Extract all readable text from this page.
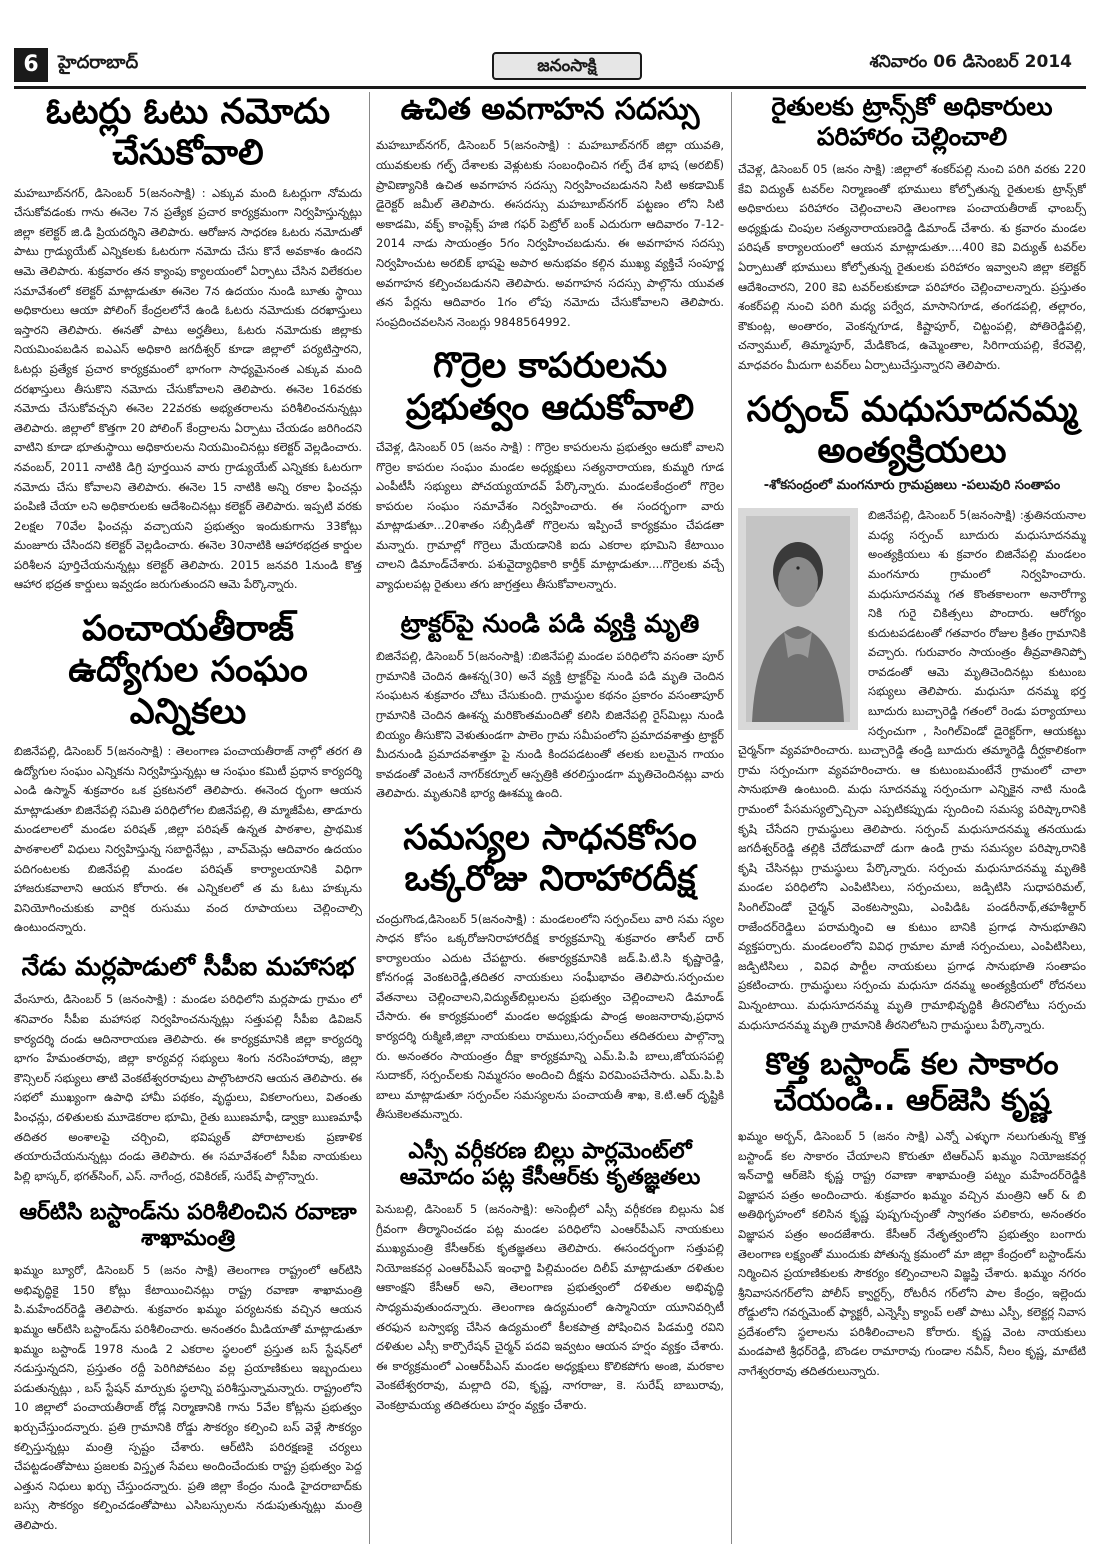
6	హైదరాబాద్	జనంసాక్షి	శనివారం 06 డిసెంబర్ 2014
ఓటర్లు ఓటు నమోదు చేసుకోవాలి
మహబూబ్‌నగర్, డిసెంబర్ 5(జనంసాక్షి) : ఎక్కువ మంది ఓటర్లుగా నోమదు చేసుకోవడంకు గాను ఈనెల 7న ప్రత్యేక ప్రచార కార్యక్రమంగా నిర్వహిస్తున్నట్లు జిల్లా కలెక్టర్ జి.డి ప్రియదర్శిని తెలిపారు. ఆరోజున సాధరణ ఓటరు నమోదుతో పాటు గ్రాడ్యుయేట్ ఎన్నికలకు ఓటరుగా నమోదు చేసు కొనే అవకాశం ఉందని ఆమె తెలిపారు. శుక్రవారం తన క్యాంపు క్యాలయంలో ఏర్పాటు చేసిన విలేకరుల సమావేశంలో కలెక్టర్ మాట్లాడుతూ ఈనెల 7న ఉదయం నుండి బూతు స్థాయి అధికారులు ఆయా పోలింగ్ కేంద్రలలోనే ఉండి ఓటరు నమోదుకు దరఖాస్తులు ఇస్తారని తెలిపారు. ఈనతో పాటు అర్హతీలు, ఓటరు నమోదుకు జిల్లాకు నియమింపబడిన ఐఎఎస్ అధికారి జగదీశ్వర్ కూడా జిల్లాలో పర్యటిస్తారని, ఓటర్లు ప్రత్యేక ప్రచార కార్యక్రమంలో భాగంగా సాధ్యమైనంత ఎక్కువ మంది దరఖాస్తులు తీసుకొని నమోదు చేసుకోవాలని తెలిపారు. ఈనెల 16వరకు నమోదు చేసుకోవచ్చని ఈనెల 22వరకు అభ్యతరాలను పరిశీలించనున్నట్లు తెలిపారు. జిల్లాలో కొత్తగా 20 పోలింగ్ కేంద్రాలను ఏర్పాటు చేయడం జరిగిందని వాటిని కూడా భూతుస్థాయి అధికారులను నియమించినట్లు కలెక్టర్ వెల్లడించారు. నవంబర్, 2011 నాటికి డిగ్రి పూర్తయిన వారు గ్రాడ్యుయేట్ ఎన్నికకు ఓటరుగా నమోదు చేసు కోవాలని తెలిపారు. ఈనెల 15 నాటికి అన్ని రకాల ఫించన్లు పంపిణి చేయా లని అధికారులకు ఆదేశించినట్లు కలెక్టర్ తెలిపారు. ఇప్పటి వరకు 2లక్షల 70వేల ఫించన్లు వచ్చాయని ప్రభుత్వం ఇందుకుగాను 33కోట్లు మంజూరు చేసిందని కలెక్టర్ వెల్లడించారు. ఈనెల 30నాటికి ఆహారభద్రత కార్డుల పరిశీలన పూర్తిచేయనున్నట్లు కలెక్టర్ తెలిపారు. 2015 జనవరి 1నుండి కొత్త ఆహార భద్రత కార్డులు ఇవ్వడం జరుగుతుందని ఆమె పేర్కొన్నారు.
పంచాయతీరాజ్ ఉద్యోగుల సంఘం ఎన్నికలు
బిజినేపల్లి, డిసెంబర్ 5(జనంసాక్షి) : తెలంగాణ పంచాయతీరాజ్ నాల్గో తరగ తి ఉద్యోగుల సంఘం ఎన్నికను నిర్వహిస్తున్నట్లు ఆ సంఘం కమిటీ ప్రధాన కార్యదర్శి ఎండి ఉస్మాన్ శుక్రవారం ఒక ప్రకటనలో తెలిపారు. ఈనెంద ర్భంగా ఆయన మాట్లాడుతూ బిజినేపల్లి సమితి పరిధిలోగల బిజినేపల్లి, తి మ్మాజీపేట, తాడూరు మండలాలలో మండల పరిషత్ ,జిల్లా పరిషత్ ఉన్నత పాఠశాల, ప్రాథమిక పాఠశాలలో విధులు నిర్వహిస్తున్న సబార్టినేట్లు , వాచ్‌మెన్లు ఆదివారం ఉదయం పదిగంటలకు బిజినేపల్లి మండల పరిషత్ కార్యాలయానికి విధిగా హాజరుకవాలాని ఆయన కోరారు. ఈ ఎన్నికలలో త మ ఓటు హక్కును వినియోగించుకుకు వార్షిక రుసుము వంద రూపాయలు చెల్లించాల్సి ఉంటుందన్నారు.
నేడు మర్లపాడులో సీపీఐ మహాసభ
వేంసూరు, డిసెంబర్ 5 (జనంసాక్షి) : మండల పరిధిలోని మర్లపాడు గ్రామం లో శనివారం సీపీఐ మహాసభ నిర్వహించనున్నట్లు సత్తుపల్లి సీపీఐ డివిజన్ కార్యదర్శి దండు ఆదినారాయణ తెలిపారు. ఈ కార్యక్రమానికి జిల్లా కార్యదర్శి భాగం హేమంతరావు, జిల్లా కార్యవర్గ సభ్యులు శింగు నరసింహారావు, జిల్లా కౌన్సిలర్ సభ్యులు తాటి వెంకటేశ్వరరావులు పాల్గొంటారని ఆయన తెలిపారు. ఈ సభలో ముఖ్యంగా ఉపాధి హామీ పథకం, వృద్ధులు, వికలాంగులు, వితంతు పింఛన్లు, దళితులకు మూడెకరాల భూమి, రైతు ఋణమాఫీ, డ్వాక్రా ఋణమాఫీ తదితర అంశాలపై చర్చించి, భవిష్యత్ పోరాటాలకు ప్రణాళిక తయారుచేయనున్నట్లు దండు తెలిపారు. ఈ సమావేశంలో సీపీఐ నాయకులు పిల్లి భాస్కర్, భగత్‌సింగ్, ఎస్. నాగేంద్ర, రవికిరణ్, సురేష్ పాల్గొన్నారు.
ఆర్‌టిసి బస్టాండ్‌ను పరిశీలించిన రవాణా శాఖామంత్రి
ఖమ్మం బ్యూరో, డిసెంబర్ 5 (జనం సాక్షి) తెలంగాణ రాష్ట్రంలో ఆర్‌టిసి అభివృద్ధికై 150 కోట్లు కేటాయించినట్లు రాష్ట్ర రవాణా శాఖామంత్రి పి.మహేందర్‌రెడ్డి తెలిపారు. శుక్రవారం ఖమ్మం పర్యటనకు వచ్చిన ఆయన ఖమ్మం ఆర్‌టిసి బస్టాండ్‌ను పరిశీలించారు. అనంతరం మీడియాతో మాట్లాడుతూ ఖమ్మం బస్టాండ్ 1978 నుండి 2 ఎకరాల స్థలంలో ప్రస్తుత బస్ స్టేషన్‌లో నడుస్తున్నదని, ప్రస్తుతం రద్దీ పెరిగిపోవటం వల్ల ప్రయాణికులు ఇబ్బందులు పడుతున్నట్లు , బస్ స్టేషన్ మార్పుకు స్థలాన్ని పరిశీస్తున్నామన్నారు. రాష్ట్రంలోని 10 జిల్లాలో పంచాయతీరాజ్ రోడ్ల నిర్మాణానికి గాను 5వేల కోట్లను ప్రభుత్వం ఖర్చుచేస్తుందన్నారు. ప్రతి గ్రామానికి రోడ్డు సౌకర్యం కల్పించి బస్ వెళ్లే సౌకర్యం కల్పిస్తున్నట్లు మంత్రి స్పష్టం చేశారు. ఆర్‌టిసి పరిరక్షణకై చర్యలు చేపట్టడంతోపాటు ప్రజలకు విస్తృత సేవలు అందించేందుకు రాష్ట్ర ప్రభుత్వం పెద్ద ఎత్తున నిధులు ఖర్చు చేస్తుందన్నారు. ప్రతి జిల్లా కేంద్రం నుండి హైదరాబాద్‌కు బస్సు సౌకర్యం కల్పించడంతోపాటు ఎసిబస్సులను నడుపుతున్నట్లు మంత్రి తెలిపారు.
ఉచిత అవగాహన సదస్సు
మహబూబ్‌నగర్, డిసెంబర్ 5(జనంసాక్షి) : మహబూబ్‌నగర్ జిల్లా యువతి, యువకులకు గల్ఫ్ దేశాలకు వెళ్లుటకు సంబంధించిన గల్ఫ్ దేశ భాష (అరబిక్) ప్రావిణ్యానికి ఉచిత అవగాహన సదస్సు నిర్వహించబడునని సిటి అకడామిక్ డైరెక్టర్ జమీల్ తెలిపారు. ఈసదస్సు మహబూబ్‌నగర్ పట్టణం లోని సిటి అకాడమి, వక్ఫ్ కాంప్లెక్స్ హజి గఫర్ పెట్రోల్ బంక్ ఎదురుగా ఆదివారం 7-12-2014 నాడు సాయంత్రం 5గం నిర్వహించబడును. ఈ అవగాహన సదస్సు నిర్వహించుట అరబిక్ భాషపై అపార అనుభవం కల్గిన ముఖ్య వ్యక్తిచే సంపూర్ణ అవగాహన కల్పించబడునని తెలిపారు. అవగాహన సదస్సు పాల్గొను యువత తన పేర్లను ఆదివారం 1గం లోపు నమోదు చేసుకోవాలని తెలిపారు. సంప్రదించవలసిన నెంబర్లు 9848564992.
గొర్రెల కాపరులను ప్రభుత్వం ఆదుకోవాలి
చేవెళ్ల, డిసెంబర్ 05 (జనం సాక్షి) : గొర్రెల కాపరులను ప్రభుత్వం ఆదుకో వాలని గొర్రెల కాపరుల సంఘం మండల అధ్యక్షులు సత్యనారాయణ, కుమ్మరి గూడ ఎంపీటీసీ సభ్యులు పోచయ్యయాదవ్ పేర్కొన్నారు. మండలకేంద్రంలో గొర్రెల కాపరుల సంఘం సమావేశం నిర్వహించారు. ఈ సందర్భంగా వారు మాట్లాడుతూ...20శాతం సబ్సీడితో గొర్రెలను ఇప్పించే కార్యక్రమం చేపడతా మన్నారు. గ్రామాల్లో గొర్రెలు మేయడానికి ఐదు ఎకరాల భూమిని కేటాయిం చాలని డిమాండ్‌చేశారు. పశువైద్యాధికారి కార్తీక్ మాట్లాడుతూ....గొర్రెలకు వచ్చే వ్యాధులపట్ల రైతులు తగు జాగ్రత్తలు తీసుకోవాలన్నారు.
ట్రాక్టర్‌పై నుండి పడి వ్యక్తి మృతి
బిజినేపల్లి, డిసెంబర్ 5(జనంసాక్షి) :బిజినేపల్లి మండల పరిధిలోని వసంతా పూర్ గ్రామానికి చెందిన ఊశన్న(30) అనే వ్యక్తి ట్రాక్టర్‌పై నుండి పడి మృతి చెందిన సంఘటన శుక్రవారం చోటు చేసుకుంది. గ్రామస్థుల కథనం ప్రకారం వసంతాపూర్ గ్రామానికి చెందిన ఊశన్న మరికొంతమందితో కలిసి బిజినేపల్లి రైస్‌మిల్లు నుండి బియ్యం తీసుకొని వెళుతుండగా పాలెం గ్రామ సమీపంలోని ప్రమాదవశాత్తు ట్రాక్టర్ మీదనుండి ప్రమాదవశాత్తూ పై నుండి కిందపడటంతో తలకు బలమైన గాయం కావడంతో వెంటనే నాగర్‌కర్నూల్ ఆస్పత్రికి తరలిస్తుండగా మృతిచెందినట్లు వారు తెలిపారు. మృతునికి భార్య ఊశమ్మ ఉంది.
సమస్యల సాధనకోసం ఒక్కరోజు నిరాహారదీక్ష
చంద్రుగొండ,డిసెంబర్ 5(జనంసాక్షి) : మండలంలోని సర్పంచ్‌లు వారి సమ స్యల సాధన కోసం ఒక్కరోజునిరాహారదీక్ష కార్యక్రమాన్ని శుక్రవారం తాసీల్ దార్ కార్యాలయం ఎదుట చేపట్టారు. ఈకార్యక్రమానికి జడ్.పి.టి.సి కృష్ణారెడ్డి, కోనగండ్ల వెంకటరెడ్డి,తదితర నాయకులు సంఘీభావం తెలిపారు.సర్పంచుల వేతనాలు చెల్లించాలని,విద్యుత్‌బిల్లులను ప్రభుత్వం చెల్లించాలని డిమాండ్ చేసారు. ఈ కార్యక్రమంలో మండల అధ్యక్షుడు పాండ్ర అంజనారావు,ప్రధాన కార్యదర్శి రుక్మిణి,జిల్లా నాయకులు రాములు,సర్పంచ్‌లు తదితరులు పాల్గొన్నా రు. అనంతరం సాయంత్రం దీక్షా కార్యక్రమాన్ని ఎమ్.పి.పి బాలు,జోయసపల్లి సుదాకర్, సర్పంచ్‌లకు నిమ్మరసం అందించి దీక్షను విరమింపచేసారు. ఎమ్.పి.పి బాలు మాట్లాడుతూ సర్పంచ్‌ల సమస్యలను పంచాయతీ శాఖ, కె.టి.ఆర్ దృష్టికి తీసుకెలతమన్నారు.
ఎస్సీ వర్గీకరణ బిల్లు పార్లమెంట్‌లో ఆమోదం పట్ల కేసీఆర్‌కు కృతజ్ఞతలు
పెనుబల్లి, డిసెంబర్ 5 (జనంసాక్షి): అసెంబ్లీలో ఎస్సీ వర్గీకరణ బిల్లును ఏక గ్రీవంగా తీర్మానించడం పట్ల మండల పరిధిలోని ఎంఆర్‌పీఎస్ నాయకులు ముఖ్యమంత్రి కేసీఆర్‌కు కృతజ్ఞతలు తెలిపారు. ఈసందర్భంగా సత్తుపల్లి నియోజకవర్గ ఎంఆర్‌పీఎస్ ఇంఛార్జి పిల్లిమందల దిలీప్ మాట్లాడుతూ దళితుల ఆకాంక్షని కేసీఆర్ అని, తెలంగాణ ప్రభుత్వంలో దళితుల అభివృద్ధి సాధ్యమవుతుందన్నారు. తెలంగాణ ఉద్యమంలో ఉస్మానియా యూనివర్సిటీ తరఫున బస్వాభ్య చేసిన ఉద్యమంలో కీలకపాత్ర పోషించిన పిడమర్తి రవిని దళితుల ఎస్సీ కార్పొరేషన్ చైర్మన్ పదవి ఇవ్వటం ఆయన హర్షం వ్యక్తం చేశారు. ఈ కార్యక్రమంలో ఎంఆర్‌పీఎస్ మండల అధ్యక్షులు కొలికపోగు అంజి, మరకాల వెంకటేశ్వరరావు, మల్లాది రవి, కృష్ణ, నాగరాజు, కె. సురేష్ బాబురావు, వెంకట్రామయ్య తదితరులు హర్షం వ్యక్తం చేశారు.
రైతులకు ట్రాన్స్‌కో అధికారులు పరిహారం చెల్లించాలి
చేవెళ్ల, డిసెంబర్ 05 (జనం సాక్షి) :జిల్లాలో శంకర్‌పల్లి నుంచి పరిగి వరకు 220 కేవి విద్యుత్ టవర్‌ల నిర్మాణంతో భూములు కోల్పోతున్న రైతులకు ట్రాన్స్‌కో అధికారులు పరిహారం చెల్లించాలని తెలంగాణ పంచాయతీరాజ్ ఛాంబర్స్ అధ్యక్షుడు చింపుల సత్యనారాయణరెడ్డి డిమాండ్ చేశారు. శు క్రవారం మండల పరిషత్ కార్యాలయంలో ఆయన మాట్లాడుతూ....400 కెవి విద్యుత్ టవర్‌ల ఏర్పాటుతో భూములు కోల్పోతున్న రైతులకు పరిహారం ఇవ్వాలని జిల్లా కలెక్టర్ ఆదేశించారని, 200 కెవి టవర్‌లకుకూడా పరిహారం చెల్లించాలన్నారు. ప్రస్తుతం శంకర్‌పల్లి నుంచి పరిగి మధ్య పర్వేద, మాసానిగూడ, తంగడపల్లి, తల్లారం, కౌకుంట్ల, అంతారం, వెంకన్నగూడ, కిష్టాపూర్, చిట్టంపల్లి, పోతిరెడ్డిపల్లి, చన్వాముల్, తిమ్మాపూర్, మేడికొండ, ఉమ్మెంతాల, సిరిగాయపల్లి, కేరవెల్లి, మాధవరం మీదుగా టవర్‌లు ఏర్పాటుచేస్తున్నారని తెలిపారు.
సర్పంచ్ మధుసూదనమ్మ అంత్యక్రియలు
-శోకసంద్రంలో మంగనూరు గ్రామప్రజలు -పలువురి సంతాపం
బిజినేపల్లి, డిసెంబర్ 5(జనంసాక్షి) :శ్రుతినయనాల మధ్య సర్పంచ్ బూదురు మధుసూదనమ్మ అంత్యక్రియలు శు క్రవారం బిజినేపల్లి మండలం మంగనూరు గ్రామంలో నిర్వహించారు. మధుసూదనమ్మ గత కొంతకాలంగా అనారోగ్యా నికి గురై చికిత్సలు పొందారు. ఆరోగ్యం కుదుటపడటంతో గతవారం రోజుల క్రితం గ్రామానికి వచ్చారు. గురువారం సాయంత్రం తీవ్రవాతినిప్పో రావడంతో ఆమె మృతిచెందినట్లు కుటుంబ సభ్యులు తెలిపారు. మధుసూ దనమ్మ భర్త బూదురు బుచ్చారెడ్డి గతంలో రెండు పర్యాయాలు సర్పంచుగా , సింగిల్‌విండో డైరెక్టర్‌గా, ఆయకట్టు చైర్మన్‌గా వ్యవహరించారు. బుచ్చారెడ్డి తండ్రి బూదురు తమ్మారెడ్డి దీర్ఘకాలికంగా గ్రామ సర్పంచుగా వ్యవహరించారు. ఆ కుటుంబమంటేనే గ్రామంలో చాలా సానుభూతి ఉంటుంది. మధు సూదనమ్మ సర్పంచుగా ఎన్నికైన నాటి నుండి గ్రామంలో పేసమస్యల్పొచ్చినా ఎప్పటికప్పుడు స్పందించి సమస్య పరిష్కారానికి కృషి చేసేదని గ్రామస్థులు తెలిపారు. సర్పంచ్ మధుసూదనమ్మ తనయుడు జగదీశ్వర్‌రెడ్డి తల్లికి చేదోడువాదో డుగా ఉండి గ్రామ సమస్యల పరిష్కారానికి కృషి చేసినట్లు గ్రామస్థులు పేర్కొన్నారు. సర్పంచు మధుసూదనమ్మ మృతికి మండల పరిధిలోని ఎంపిటిసిలు, సర్పంచులు, జడ్పిటిసి సుధాపరిమల్, సింగిల్‌విండో చైర్మన్ వెంకటస్వామి, ఎంపిడిఓ పండరీనాథ్,తహశీల్దార్ రాజేందర్‌రెడ్డిలు పరామర్శించి ఆ కుటుం బానికి ప్రగాఢ సానుభూతిని వ్యక్తపర్చారు. మండలంలోని వివిధ గ్రామాల మాజీ సర్పంచులు, ఎంపిటిసిలు, జడ్పిటిసిలు , వివిధ పార్టీల నాయకులు ప్రగాఢ సానుభూతి సంతాపం ప్రకటించారు. గ్రామస్థులు సర్పంచు మధుసూ దనమ్మ అంత్యక్రియలో రోదనలు మిన్నంటాయి. మధుసూదనమ్మ మృతి గ్రామాభివృద్ధికి తీరనిలోటు సర్పంచు మధుసూదనమ్మ మృతి గ్రామానికి తీరనిలోటని గ్రామస్థులు పేర్కొన్నారు.
కొత్త బస్టాండ్ కల సాకారం చేయండి.. ఆర్‌జెసి కృష్ణ
ఖమ్మం అర్బన్, డిసెంబర్ 5 (జనం సాక్షి) ఎన్నో ఎళ్ళుగా నలుగుతున్న కొత్త బస్టాండ్ కల సాకారం చేయాలని కొరుతూ టిఆర్ఎస్ ఖమ్మం నియోజకవర్గ ఇన్‌చార్జి ఆర్‌జెసి కృష్ణ రాష్ట్ర రవాణా శాఖామంత్రి పట్నం మహేందర్‌రెడ్డికి విజ్ఞాపన పత్రం అందించారు. శుక్రవారం ఖమ్మం వచ్చిన మంత్రిని ఆర్ & బి అతిథిగృహంలో కలిసిన కృష్ణ పుష్పగుచ్ఛంతో స్వాగతం పలికారు, అనంతరం విజ్ఞాపన పత్రం అందజేశారు. కేసీఆర్ నేతృత్వంలోని ప్రభుత్వం బంగారు తెలంగాణ లక్ష్యంతో ముందుకు పోతున్న క్రమంలో మా జిల్లా కేంద్రంలో బస్టాండ్‌ను నిర్మించిన ప్రయాణికులకు సౌకర్యం కల్పించాలని విజ్ఞప్తి చేశారు. ఖమ్మం నగరం శ్రీనివాసనగర్‌లోని పోలీస్ క్వార్టర్స్, రోటరీన గర్‌లోని పాల కేంద్రం, ఇల్లెందు రోడ్డులోని గవర్నమెంట్ ఫ్యాక్టరీ, ఎన్నెస్పీ క్యాంప్ లతో పాటు ఎస్పీ, కలెక్టర్ల నివాస ప్రదేశంలోని స్థలాలను పరిశీలించాలని కోరారు. కృష్ణ వెంట నాయకులు మండపాటి శ్రీధర్‌రెడ్డి, బొండల రామారావు గుండాల నవీన్, నీలం కృష్ణ, మాటేటి నాగేశ్వరరావు తదితరులున్నారు.
